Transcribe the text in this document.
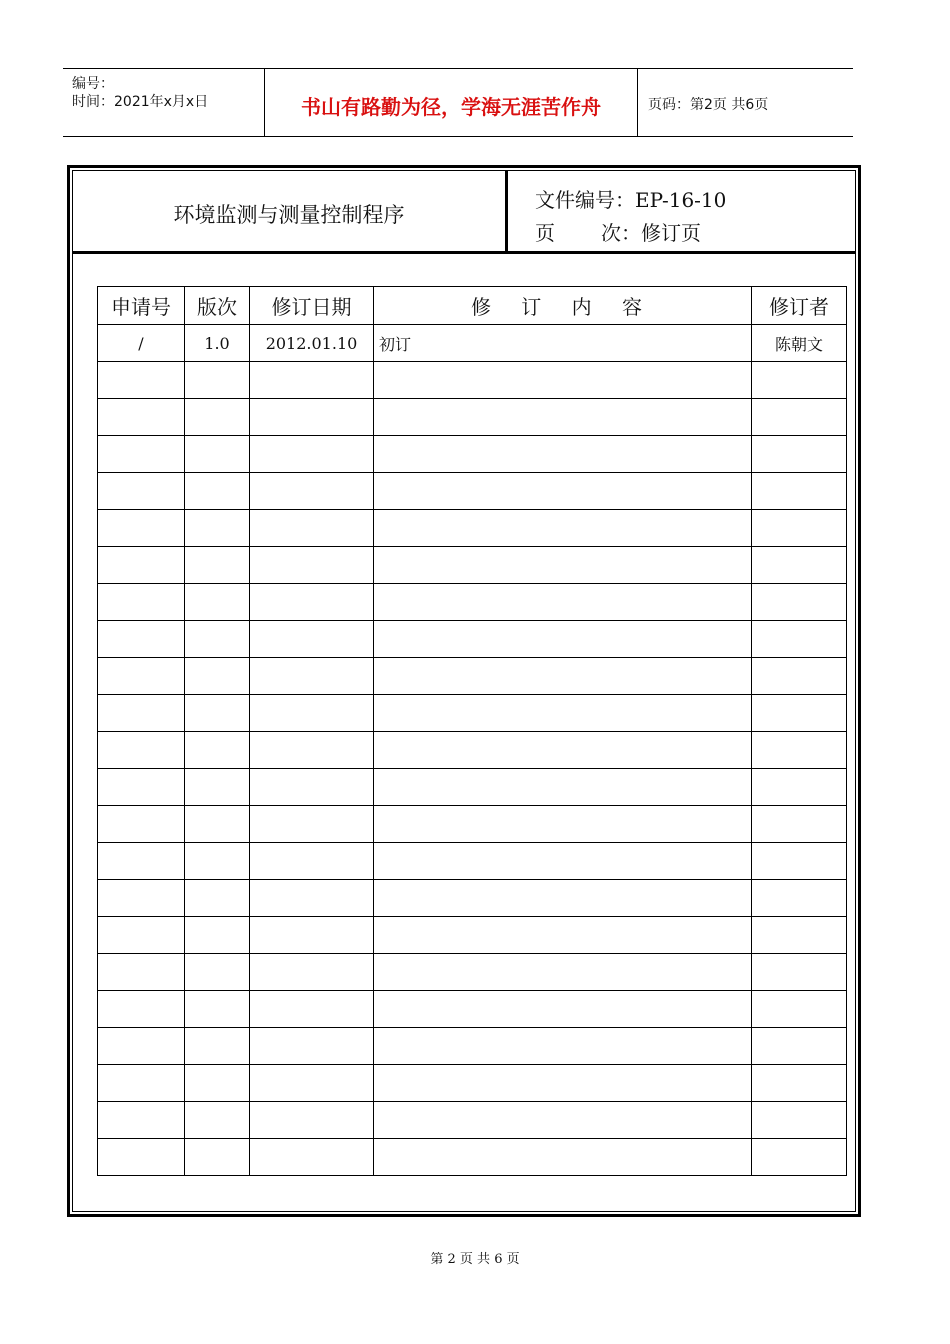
编号：
时间：2021年x月x日	书山有路勤为径，学海无涯苦作舟	页码：第2页 共6页
环境监测与测量控制程序
文件编号：EP-16-10
页 次：修订页
申请号	版次	修订日期	修 订 内 容	修订者
/	1.0	2012.01.10	初订	陈朝文

第 2 页 共 6 页
